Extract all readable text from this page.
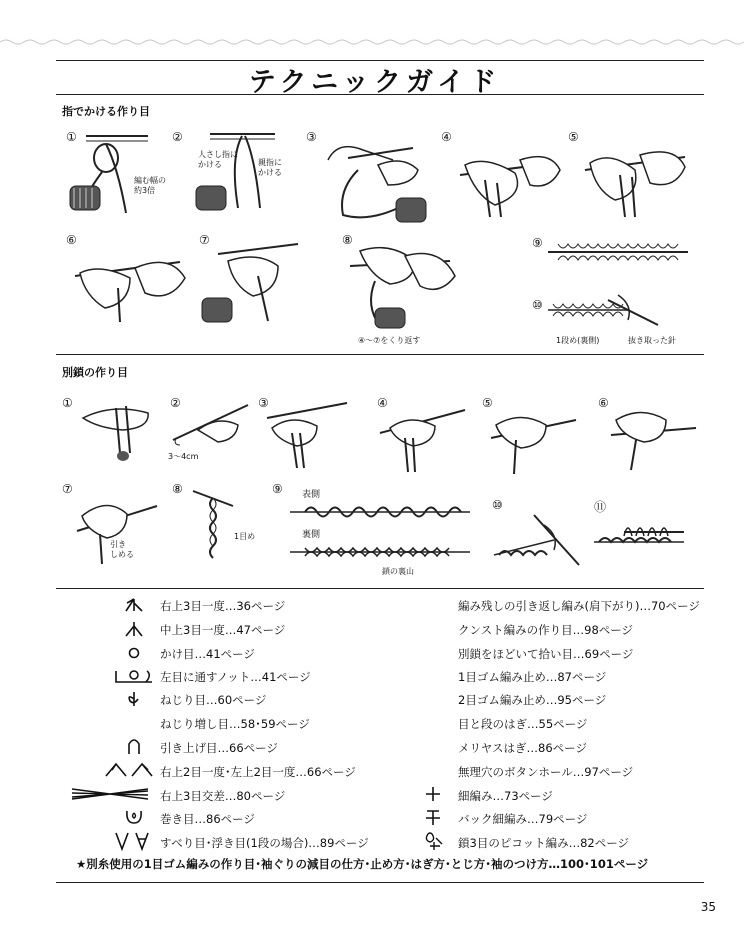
テクニックガイド
指でかける作り目
①
編む幅の
約3倍
②
人さし指に
かける	親指に
かける
③	④	⑤
⑥	⑦	⑧
④～⑦をくり返す
⑨
⑩
1段め(裏側)	抜き取った針
別鎖の作り目
①	②
3～4cm
③	④	⑤	⑥
⑦
引き
しめる
⑧
1目め
⑨ 表側
裏側
鎖の裏山
⑩	⑪
右上3目一度…36ページ
中上3目一度…47ページ
かけ目…41ページ
左目に通すノット…41ページ
ねじり目…60ページ
ねじり増し目…58･59ページ
引き上げ目…66ページ
右上2目一度･左上2目一度…66ページ
右上3目交差…80ページ
巻き目…86ページ
すべり目･浮き目(1段の場合)…89ページ
編み残しの引き返し編み(肩下がり)…70ページ
クンスト編みの作り目…98ページ
別鎖をほどいて拾い目…69ページ
1目ゴム編み止め…87ページ
2目ゴム編み止め…95ページ
目と段のはぎ…55ページ
メリヤスはぎ…86ページ
無理穴のボタンホール…97ページ
細編み…73ページ
バック細編み…79ページ
鎖3目のピコット編み…82ページ
★別糸使用の1目ゴム編みの作り目･袖ぐりの減目の仕方･止め方･はぎ方･とじ方･袖のつけ方…100･101ページ
35
